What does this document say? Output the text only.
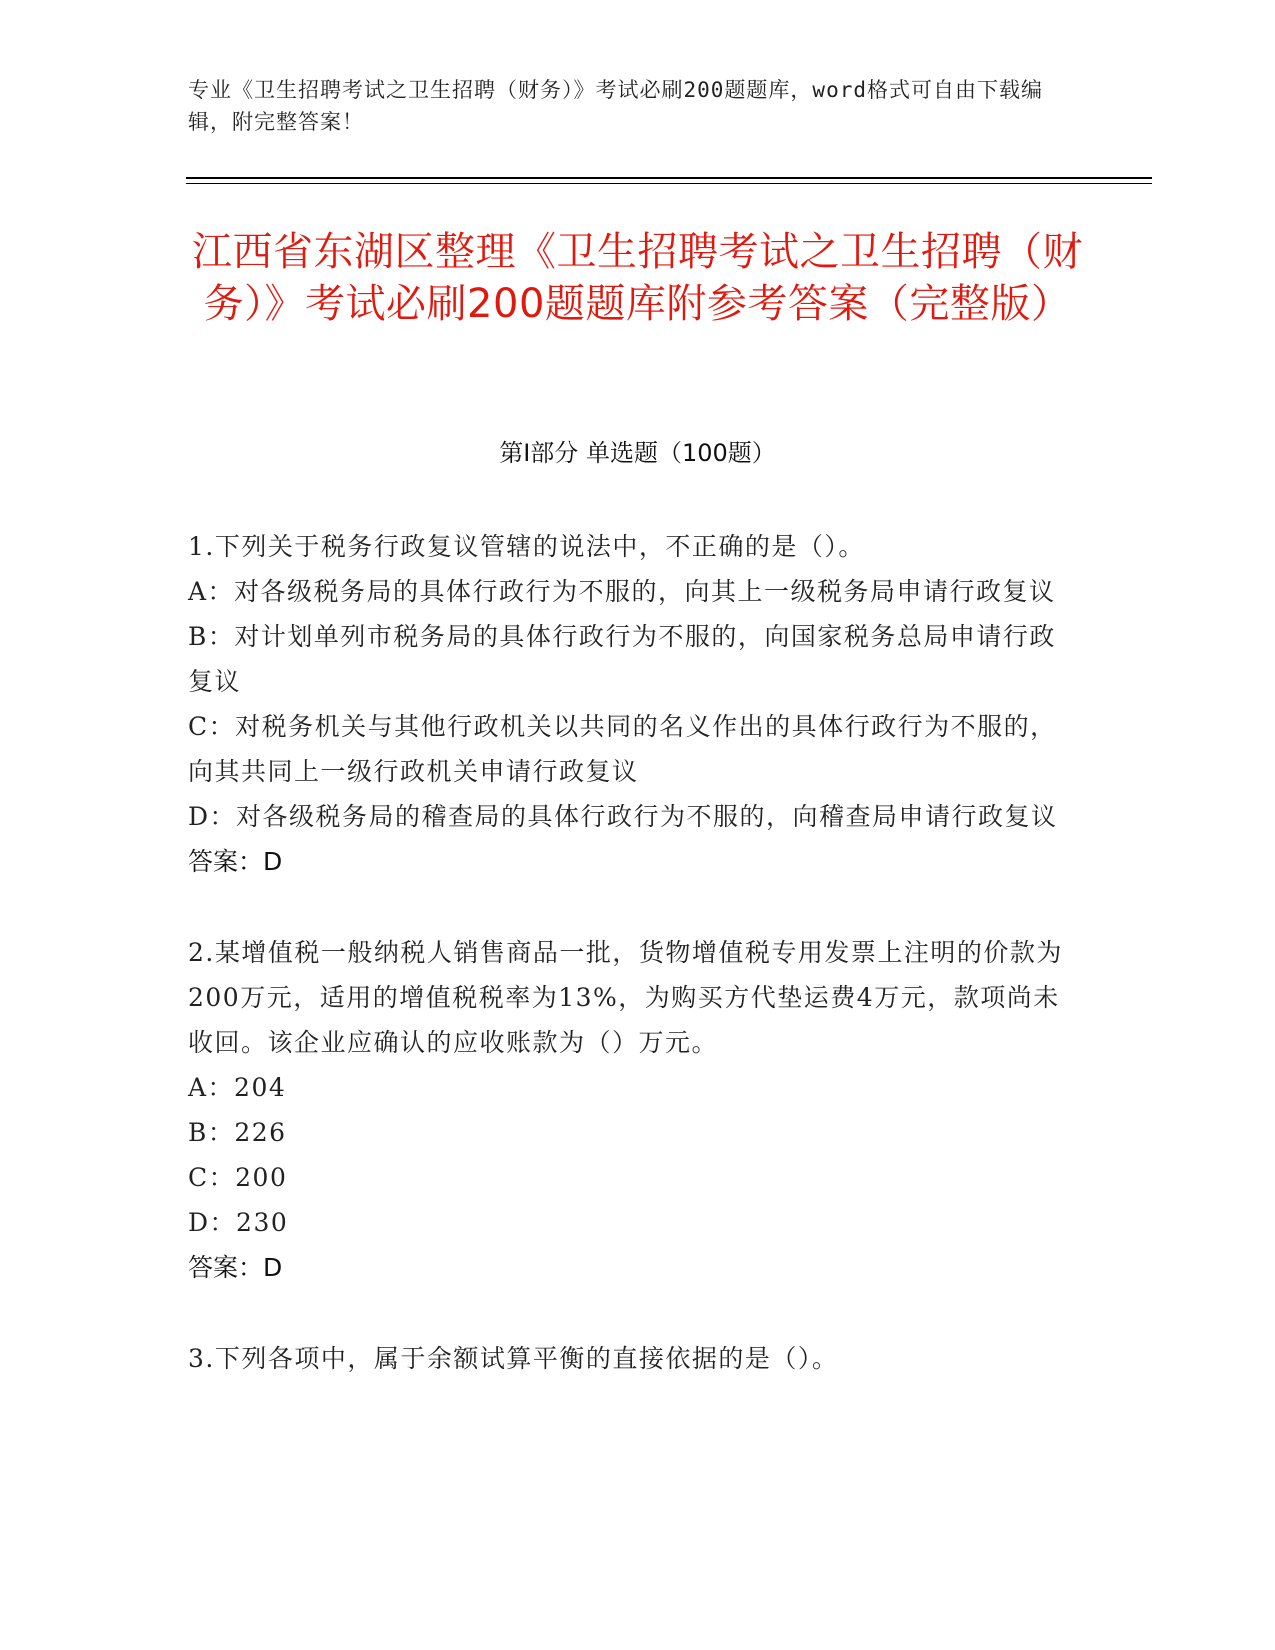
专业《卫生招聘考试之卫生招聘（财务）》考试必刷200题题库，word格式可自由下载编辑，附完整答案！
江西省东湖区整理《卫生招聘考试之卫生招聘（财务）》考试必刷200题题库附参考答案（完整版）
第I部分 单选题（100题）
1.下列关于税务行政复议管辖的说法中，不正确的是（）。
A：对各级税务局的具体行政行为不服的，向其上一级税务局申请行政复议
B：对计划单列市税务局的具体行政行为不服的，向国家税务总局申请行政复议
C：对税务机关与其他行政机关以共同的名义作出的具体行政行为不服的，向其共同上一级行政机关申请行政复议
D：对各级税务局的稽查局的具体行政行为不服的，向稽查局申请行政复议
答案：D
2.某增值税一般纳税人销售商品一批，货物增值税专用发票上注明的价款为200万元，适用的增值税税率为13%，为购买方代垫运费4万元，款项尚未收回。该企业应确认的应收账款为（）万元。
A：204
B：226
C：200
D：230
答案：D
3.下列各项中，属于余额试算平衡的直接依据的是（）。
